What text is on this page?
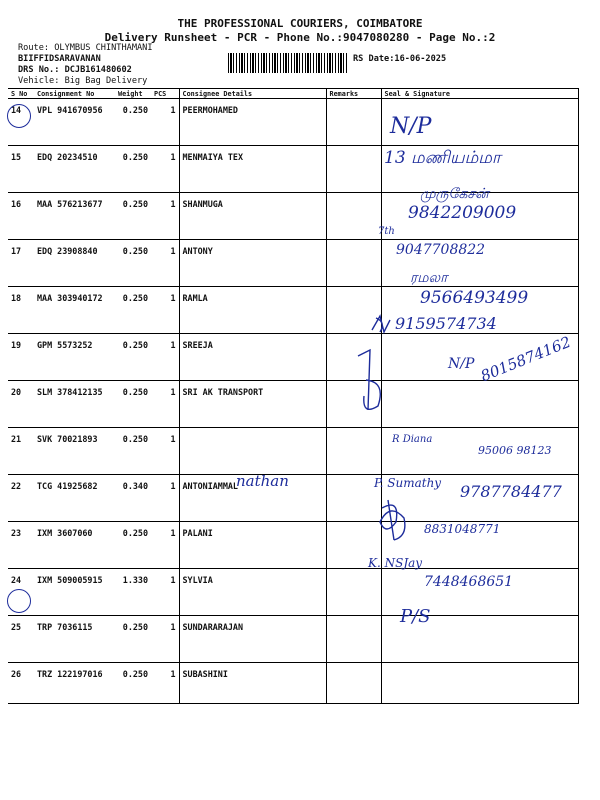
THE PROFESSIONAL COURIERS, COIMBATORE
Delivery Runsheet - PCR - Phone No.:9047080280 - Page No.:2
Route: OLYMBUS CHINTHAMANI
BIIFFIDSARAVANAN
DRS No.: DCJB161480602
Vehicle: Big Bag Delivery
RS Date:16-06-2025
S No	Consignment No	Weight	PCS	Consignee Details	Remarks	Seal & Signature
14	VPL 941670956	0.250	1	PEERMOHAMED		
15	EDQ 20234510	0.250	1	MENMAIYA TEX		
16	MAA 576213677	0.250	1	SHANMUGA		
17	EDQ 23908840	0.250	1	ANTONY		
18	MAA 303940172	0.250	1	RAMLA		
19	GPM 5573252	0.250	1	SREEJA		
20	SLM 378412135	0.250	1	SRI AK TRANSPORT		
21	SVK 70021893	0.250	1			
22	TCG 41925682	0.340	1	ANTONIAMMAL		
23	IXM 3607060	0.250	1	PALANI		
24	IXM 509005915	1.330	1	SYLVIA		
25	TRP 7036115	0.250	1	SUNDARARAJAN		
26	TRZ 122197016	0.250	1	SUBASHINI		
N/P
13 மணியம்மா
முருகேசன்
9842209009
7th
9047708822
ரமலா
9566493499
9159574734
N/P 8015874162
R Diana
95006 98123
nathan	P. Sumathy 9787784477
8831048771
K. NSJay
7448468651
P/S
